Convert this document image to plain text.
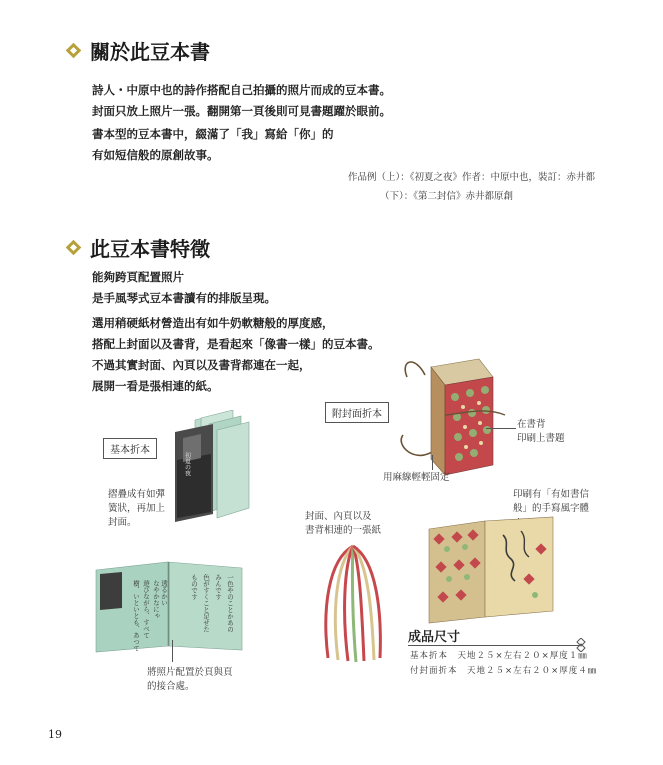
關於此豆本書
詩人・中原中也的詩作搭配自己拍攝的照片而成的豆本書。
封面只放上照片一張。翻開第一頁後則可見書題躍於眼前。
書本型的豆本書中，綴滿了「我」寫給「你」的
有如短信般的原創故事。
作品例（上）：《初夏之夜》作者：中原中也，裝訂：赤井都
（下）：《第二封信》赤井都原創
此豆本書特徵
能夠跨頁配置照片
是手風琴式豆本書讀有的排版呈現。
選用稍硬紙材營造出有如牛奶軟糖般的厚度感，
搭配上封面以及書背，是看起來「像書一樣」的豆本書。
不過其實封面、內頁以及書背都連在一起，
展開一看是張相連的紙。
基本折本
附封面折本
初夏の夜
摺疊成有如彈
簧狀，再加上
封面。
樹、いといとも、あつて 遊びながら、すべて なやかなにゃ 透るかい	一色やのことかあの
みんです
色がすくこと足せた
ものです
將照片配置於頁與頁
的接合處。
在書背
印刷上書題
用麻線輕輕固定
印刷有「有如書信
般」的手寫風字體
封面、內頁以及
書背相連的一張紙
成品尺寸
基本折本　天地２５×左右２０×厚度１㎜
付封面折本　天地２５×左右２０×厚度４㎜
19
